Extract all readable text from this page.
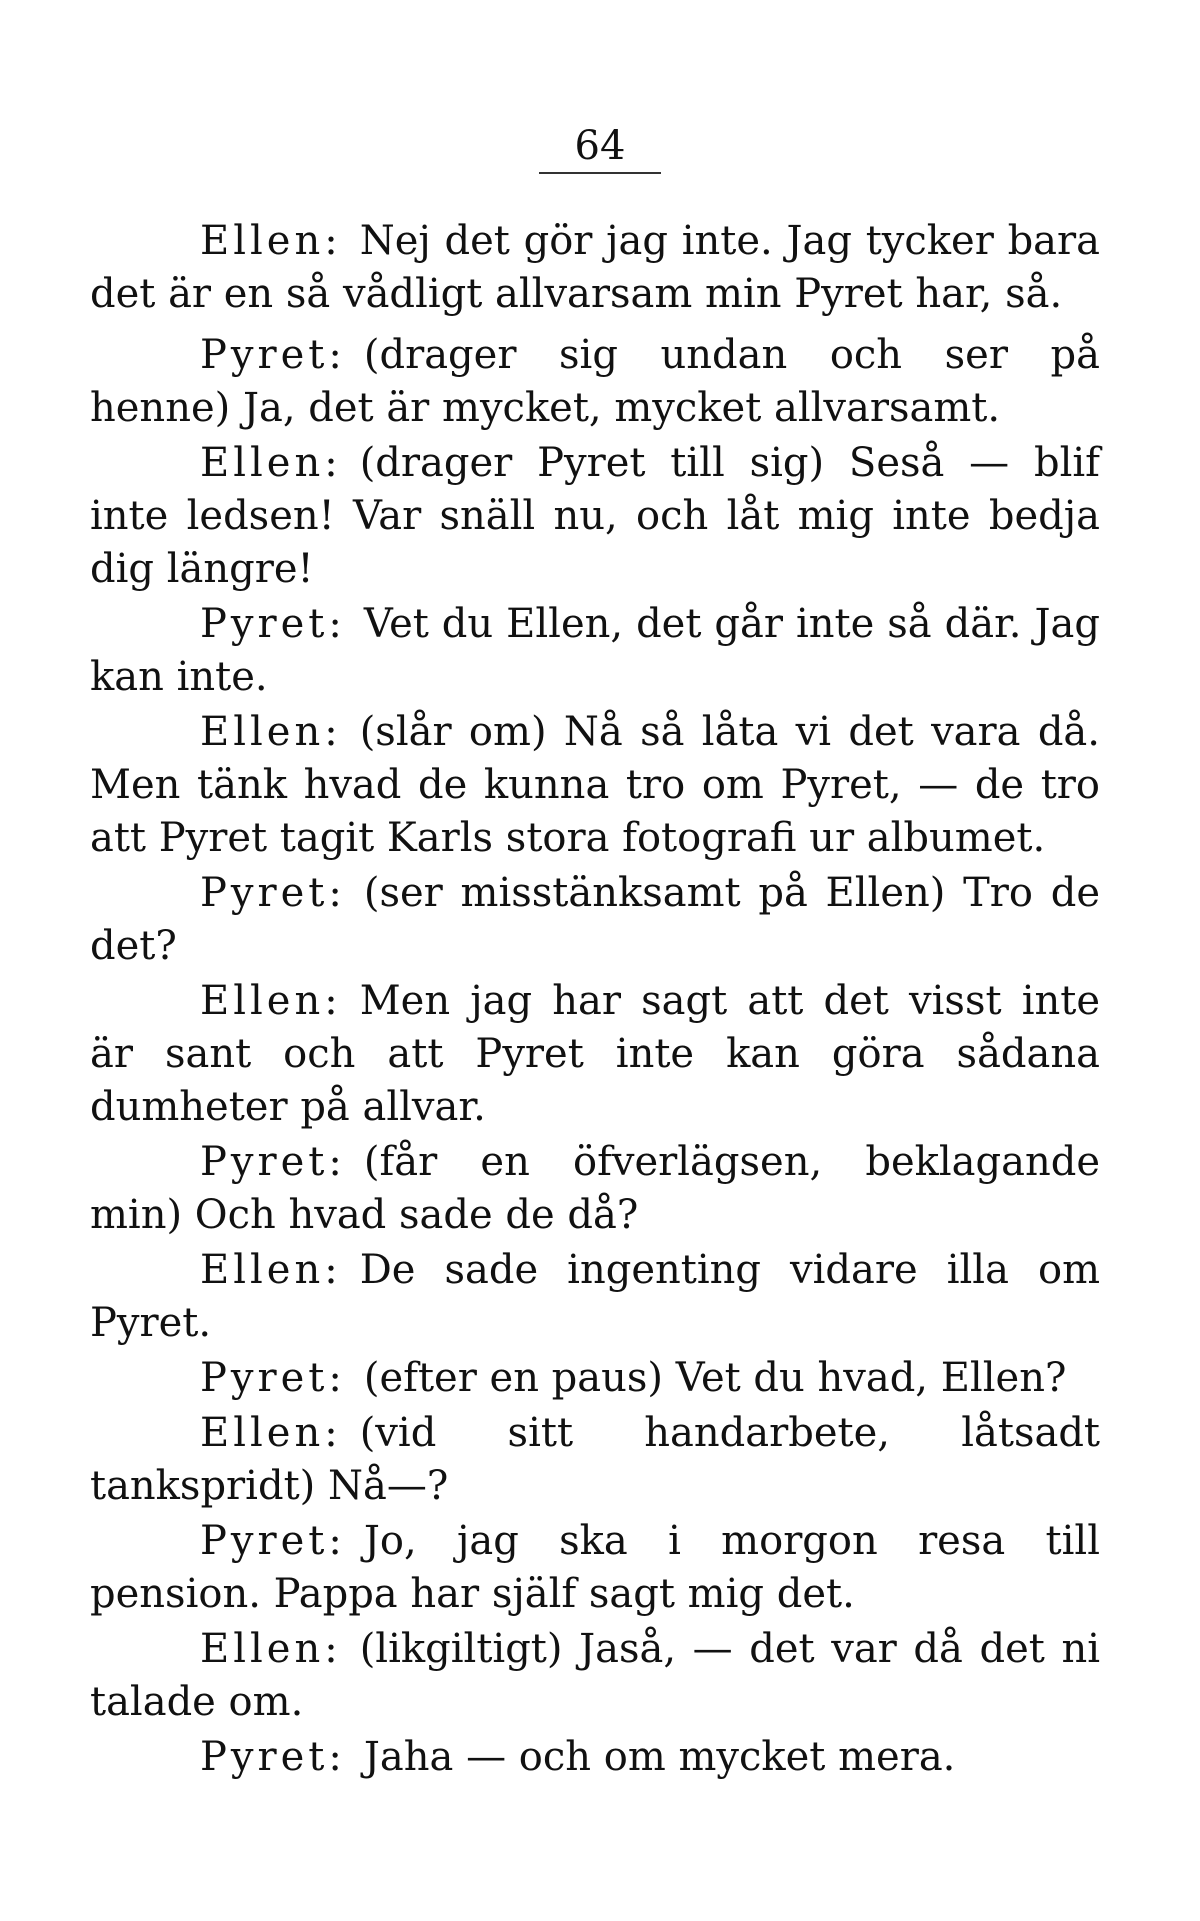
64

Ellen: Nej det gör jag inte. Jag tycker bara det är en så vådligt allvarsam min Pyret har, så.

Pyret: (drager sig undan och ser på henne) Ja, det är mycket, mycket allvarsamt.

Ellen: (drager Pyret till sig) Seså — blif inte ledsen! Var snäll nu, och låt mig inte bedja dig längre!

Pyret: Vet du Ellen, det går inte så där. Jag kan inte.

Ellen: (slår om) Nå så låta vi det vara då. Men tänk hvad de kunna tro om Pyret, — de tro att Pyret tagit Karls stora fotografi ur albumet.

Pyret: (ser misstänksamt på Ellen) Tro de det?

Ellen: Men jag har sagt att det visst inte är sant och att Pyret inte kan göra sådana dumheter på allvar.

Pyret: (får en öfverlägsen, beklagande min) Och hvad sade de då?

Ellen: De sade ingenting vidare illa om Pyret.

Pyret: (efter en paus) Vet du hvad, Ellen?

Ellen: (vid sitt handarbete, låtsadt tankspridt) Nå—?

Pyret: Jo, jag ska i morgon resa till pension. Pappa har själf sagt mig det.

Ellen: (likgiltigt) Jaså, — det var då det ni talade om.

Pyret: Jaha — och om mycket mera.
